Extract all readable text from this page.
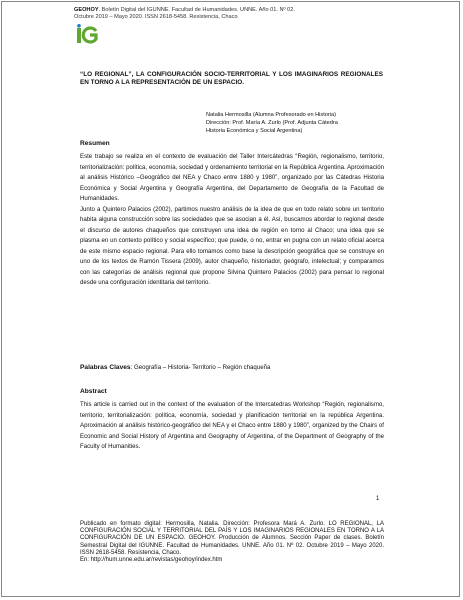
GEOHOY. Boletín Digital del IGUNNE. Facultad de Humanidades. UNNE. Año 01. Nº 02.
Octubre 2019 – Mayo 2020. ISSN 2618-5458. Resistencia, Chaco
“LO REGIONAL”, LA CONFIGURACIÓN SOCIO-TERRITORIAL Y LOS IMAGINARIOS REGIONALES EN TORNO A LA REPRESENTACIÓN DE UN ESPACIO.
Natalia Hermosilla (Alumna Profesorado en Historia)
Dirección: Prof. María A. Zurlo (Prof. Adjunta Cátedra
Historia Económica y Social Argentina)
Resumen

Este trabajo se realiza en el contexto de evaluación del Taller Intercátedras “Región, regionalismo, territorio, territorialización: política, economía, sociedad y ordenamiento territorial en la República Argentina. Aproximación al análisis Histórico –Geográfico del NEA y Chaco entre 1880 y 1980”, organizado por las Cátedras Historia Económica y Social Argentina y Geografía Argentina, del Departamento de Geografía de la Facultad de Humanidades.

Junto a Quintero Palacios (2002), partimos nuestro análisis de la idea de que en todo relato sobre un territorio habita alguna construcción sobre las sociedades que se asocian a él. Así, buscamos abordar lo regional desde el discurso de autores chaqueños que construyen una idea de región en torno al Chaco; una idea que se plasma en un contexto político y social específico; que puede, o no, entrar en pugna con un relato oficial acerca de este mismo espacio regional. Para ello tomamos como base la descripción geográfica que se construye en uno de los textos de Ramón Tissera (2009), autor chaqueño, historiador, geógrafo, intelectual; y comparamos con las categorías de análisis regional que propone Silvina Quintero Palacios (2002) para pensar lo regional desde una configuración identitaria del territorio.

Palabras Claves: Geografía – Historia- Territorio – Región chaqueña
Abstract

This article is carried out in the context of the evaluation of the Intercatedras Workshop “Región, regionalismo, territorio, territorialización: política, economía, sociedad y planificación territorial en la república Argentina. Aproximación al análisis histórico-geográfico del NEA y el Chaco entre 1880 y 1980”, organized by the Chairs of Economic and Social History of Argentina and Geography of Argentina, of the Department of Geography of the Faculty of Humanities.

1
Publicado en formato digital: Hermosilla, Natalia. Dirección: Profesora Mará A. Zurlo. LO REGIONAL, LA CONFIGURACIÓN SOCIAL Y TERRITORIAL DEL PAÍS Y LOS IMAGINARIOS REGIONALES EN TORNO A LA CONFIGURACIÓN DE UN ESPACIO. GEOHOY. Producción de Alumnos. Sección Paper de clases. Boletín Semestral Digital del IGUNNE. Facultad de Humanidades. UNNE. Año 01. Nº 02. Octubre 2019 – Mayo 2020. ISSN 2618-5458. Resistencia, Chaco.
En: http://hum.unne.edu.ar/revistas/geohoy/index.htm
